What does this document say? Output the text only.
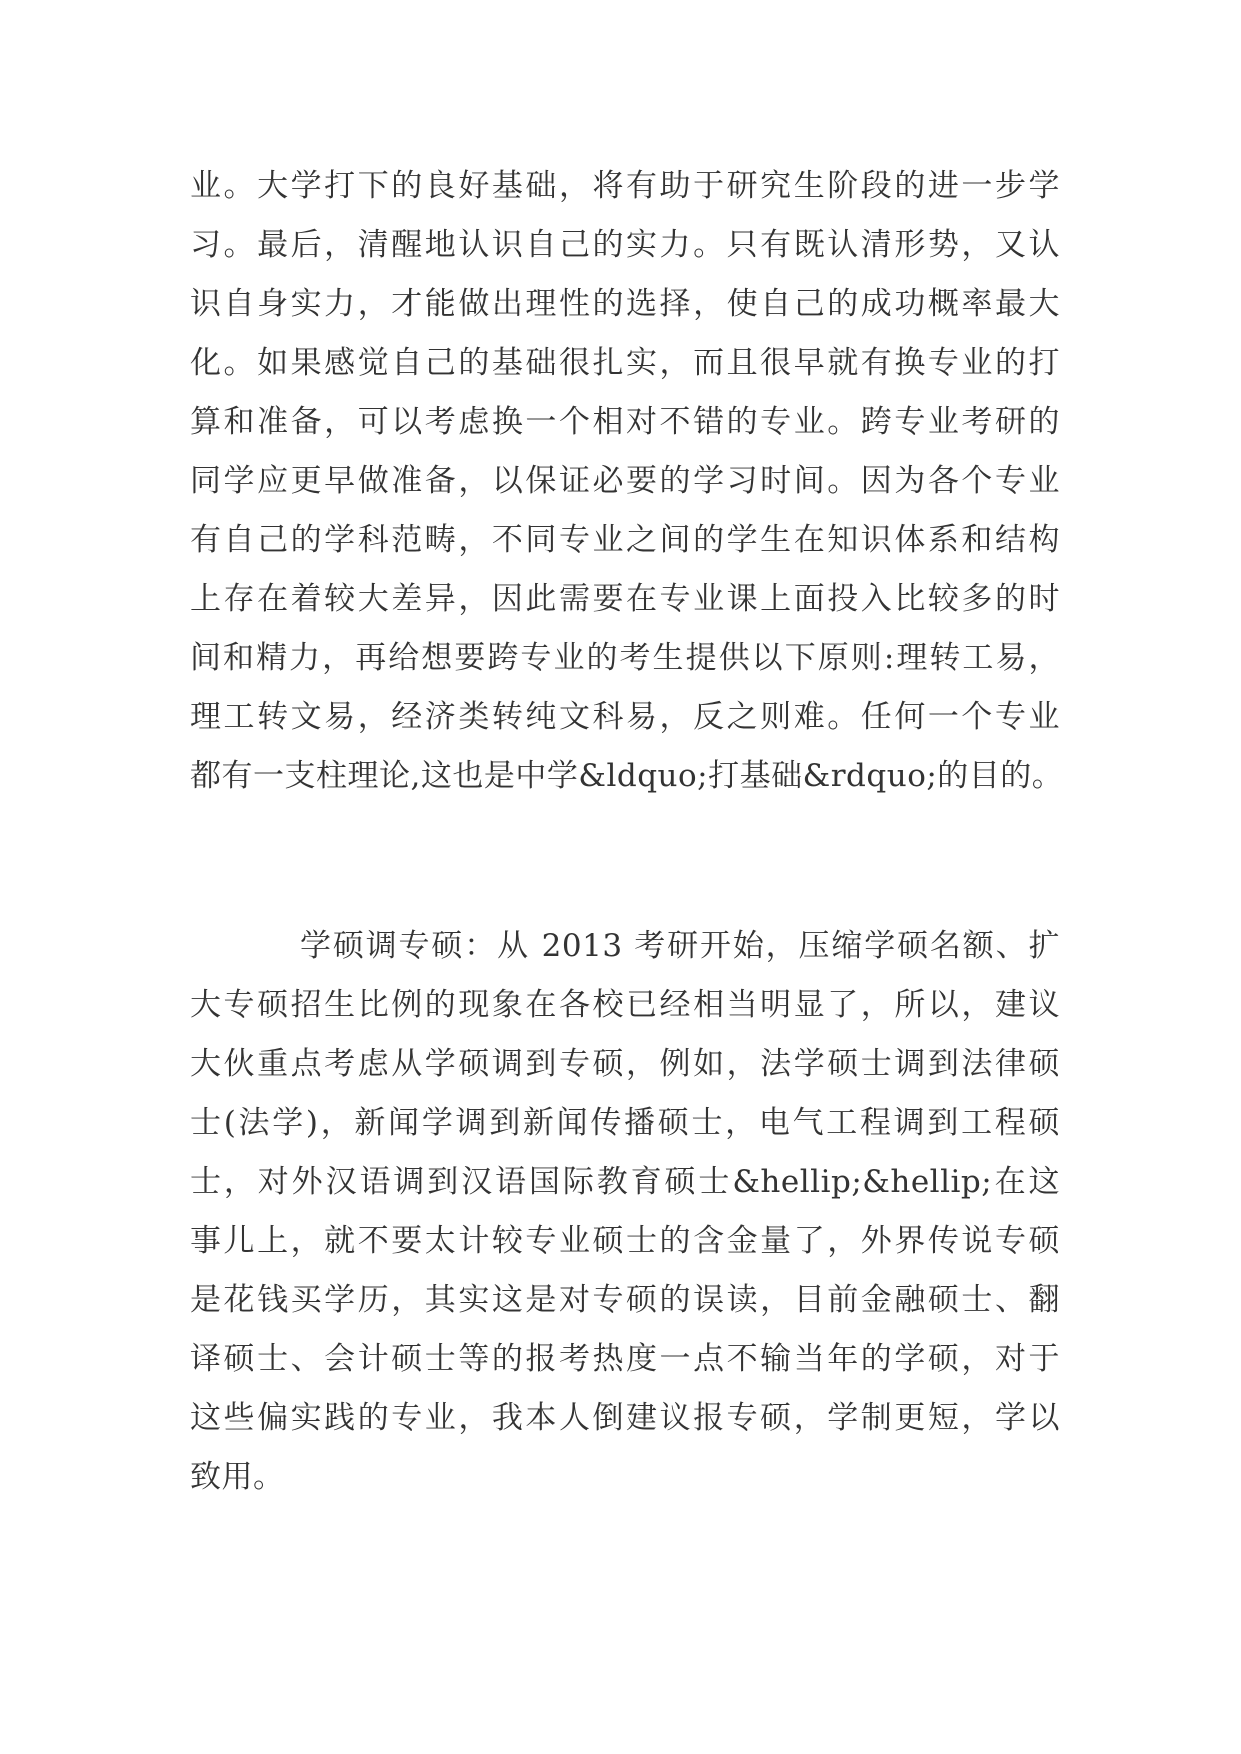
业。大学打下的良好基础，将有助于研究生阶段的进一步学
习。最后，清醒地认识自己的实力。只有既认清形势，又认
识自身实力，才能做出理性的选择，使自己的成功概率最大
化。如果感觉自己的基础很扎实，而且很早就有换专业的打
算和准备，可以考虑换一个相对不错的专业。跨专业考研的
同学应更早做准备，以保证必要的学习时间。因为各个专业
有自己的学科范畴，不同专业之间的学生在知识体系和结构
上存在着较大差异，因此需要在专业课上面投入比较多的时
间和精力，再给想要跨专业的考生提供以下原则:理转工易，
理工转文易，经济类转纯文科易，反之则难。任何一个专业
都有一支柱理论,这也是中学&ldquo;打基础&rdquo;的目的。
学硕调专硕：从 2013 考研开始，压缩学硕名额、扩
大专硕招生比例的现象在各校已经相当明显了，所以，建议
大伙重点考虑从学硕调到专硕，例如，法学硕士调到法律硕
士(法学)，新闻学调到新闻传播硕士，电气工程调到工程硕
士，对外汉语调到汉语国际教育硕士&hellip;&hellip;在这
事儿上，就不要太计较专业硕士的含金量了，外界传说专硕
是花钱买学历，其实这是对专硕的误读，目前金融硕士、翻
译硕士、会计硕士等的报考热度一点不输当年的学硕，对于
这些偏实践的专业，我本人倒建议报专硕，学制更短，学以
致用。
